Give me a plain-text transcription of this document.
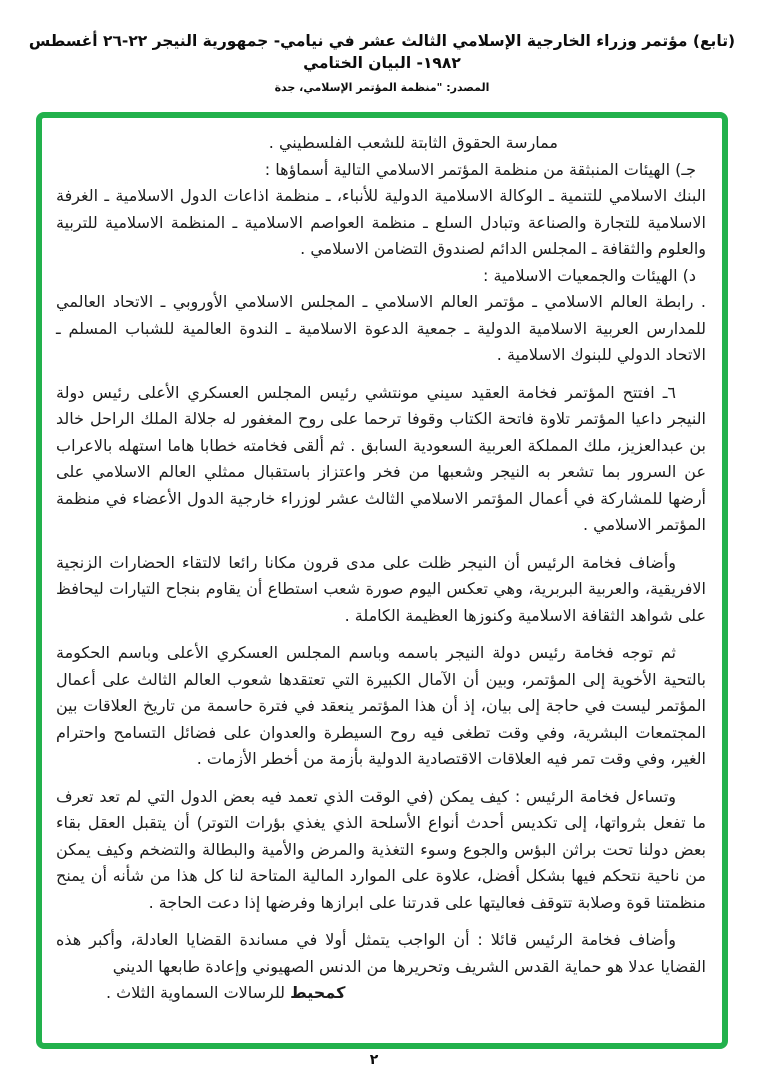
(تابع) مؤتمر وزراء الخارجية الإسلامي الثالث عشر في نيامي- جمهورية النيجر ٢٢-٢٦ أغسطس ١٩٨٢- البيان الختامي
المصدر: "منظمة المؤتمر الإسلامي، جدة

ممارسة الحقوق الثابتة للشعب الفلسطيني .

جـ) الهيئات المنبثقة من منظمة المؤتمر الاسلامي التالية أسماؤها :

البنك الاسلامي للتنمية ـ الوكالة الاسلامية الدولية للأنباء، ـ منظمة اذاعات الدول الاسلامية ـ الغرفة الاسلامية للتجارة والصناعة وتبادل السلع ـ منظمة العواصم الاسلامية ـ المنظمة الاسلامية للتربية والعلوم والثقافة ـ المجلس الدائم لصندوق التضامن الاسلامي .

د) الهيئات والجمعيات الاسلامية :

. رابطة العالم الاسلامي ـ مؤتمر العالم الاسلامي ـ المجلس الاسلامي الأوروبي ـ الاتحاد العالمي للمدارس العربية الاسلامية الدولية ـ جمعية الدعوة الاسلامية ـ الندوة العالمية للشباب المسلم ـ الاتحاد الدولي للبنوك الاسلامية .

٦ـ افتتح المؤتمر فخامة العقيد سيني مونتشي رئيس المجلس العسكري الأعلى رئيس دولة النيجر داعيا المؤتمر تلاوة فاتحة الكتاب وقوفا ترحما على روح المغفور له جلالة الملك الراحل خالد بن عبدالعزيز، ملك المملكة العربية السعودية السابق . ثم ألقى فخامته خطابا هاما استهله بالاعراب عن السرور بما تشعر به النيجر وشعبها من فخر واعتزاز باستقبال ممثلي العالم الاسلامي على أرضها للمشاركة في أعمال المؤتمر الاسلامي الثالث عشر لوزراء خارجية الدول الأعضاء في منظمة المؤتمر الاسلامي .

وأضاف فخامة الرئيس أن النيجر ظلت على مدى قرون مكانا رائعا لالتقاء الحضارات الزنجية الافريقية، والعربية البربرية، وهي تعكس اليوم صورة شعب استطاع أن يقاوم بنجاح التيارات ليحافظ على شواهد الثقافة الاسلامية وكنوزها العظيمة الكاملة .

ثم توجه فخامة رئيس دولة النيجر باسمه وباسم المجلس العسكري الأعلى وباسم الحكومة بالتحية الأخوية إلى المؤتمر، وبين أن الآمال الكبيرة التي تعتقدها شعوب العالم الثالث على أعمال المؤتمر ليست في حاجة إلى بيان، إذ أن هذا المؤتمر ينعقد في فترة حاسمة من تاريخ العلاقات بين المجتمعات البشرية، وفي وقت تطغى فيه روح السيطرة والعدوان على فضائل التسامح واحترام الغير، وفي وقت تمر فيه العلاقات الاقتصادية الدولية بأزمة من أخطر الأزمات .

وتساءل فخامة الرئيس : كيف يمكن (في الوقت الذي تعمد فيه بعض الدول التي لم تعد تعرف ما تفعل بثرواتها، إلى تكديس أحدث أنواع الأسلحة الذي يغذي بؤرات التوتر) أن يتقبل العقل بقاء بعض دولنا تحت براثن البؤس والجوع وسوء التغذية والمرض والأمية والبطالة والتضخم وكيف يمكن من ناحية نتحكم فيها بشكل أفضل، علاوة على الموارد المالية المتاحة لنا كل هذا من شأنه أن يمنح منظمتنا قوة وصلابة تتوقف فعاليتها على قدرتنا على ابرازها وفرضها إذا دعت الحاجة .

وأضاف فخامة الرئيس قائلا : أن الواجب يتمثل أولا في مساندة القضايا العادلة، وأكبر هذه القضايا عدلا هو حماية القدس الشريف وتحريرها من الدنس الصهيوني وإعادة طابعها الديني

كمحيط للرسالات السماوية الثلاث .

٢
